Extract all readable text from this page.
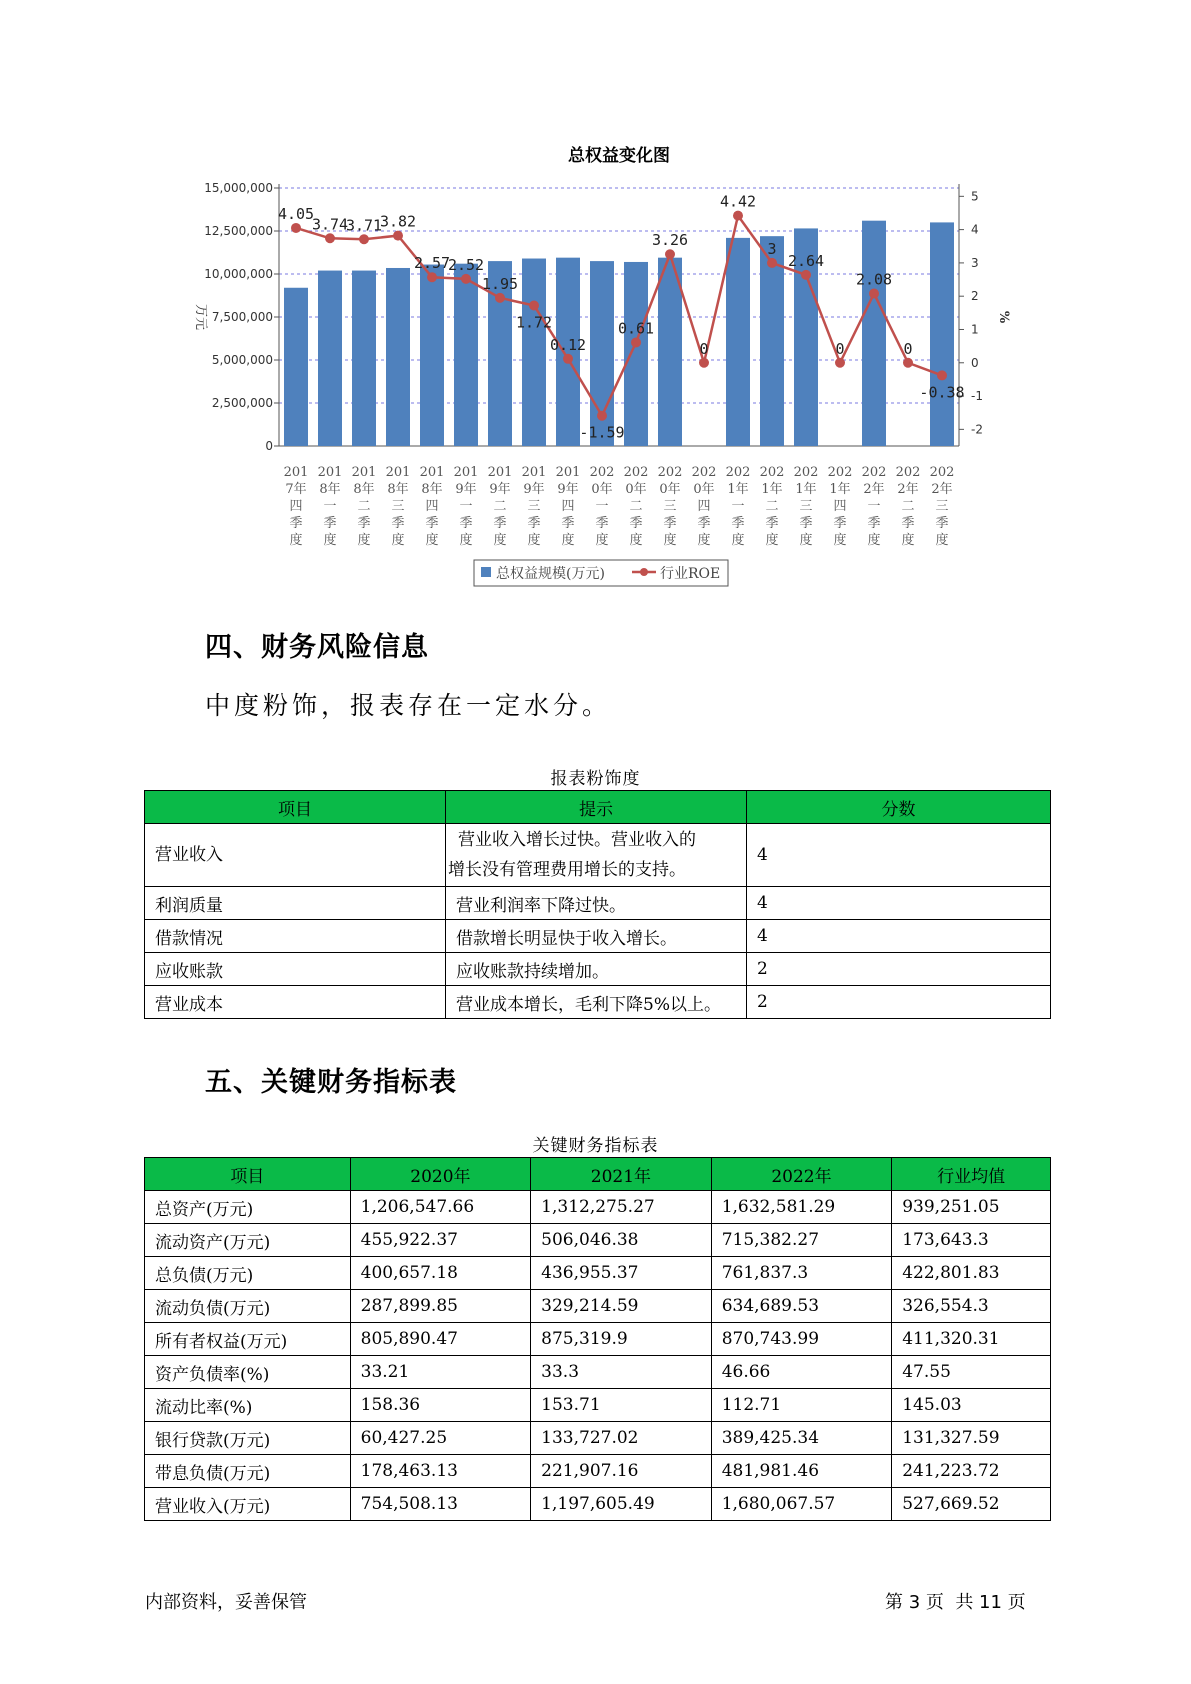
总权益变化图
15,000,000
12,500,000
10,000,000
7,500,000
5,000,000
2,500,000
0
5
4
3
2
1
0
-1
-2
万元	%
4.05
3.74
3.71
3.82
2.57
2.52
1.95
1.72
0.12
-1.59
0.61
3.26
0
4.42
3
2.64
0
2.08
0
-0.38
201
7年
四
季
度
201
8年
一
季
度
201
8年
二
季
度
201
8年
三
季
度
201
8年
四
季
度
201
9年
一
季
度
201
9年
二
季
度
201
9年
三
季
度
201
9年
四
季
度
202
0年
一
季
度
202
0年
二
季
度
202
0年
三
季
度
202
0年
四
季
度
202
1年
一
季
度
202
1年
二
季
度
202
1年
三
季
度
202
1年
四
季
度
202
2年
一
季
度
202
2年
二
季
度
202
2年
三
季
度
总权益规模(万元)	行业ROE
四、财务风险信息
中度粉饰，报表存在一定水分。
报表粉饰度
项目	提示	分数
营业收入	营业收入增长过快。营业收入的
增长没有管理费用增长的支持。	4
利润质量	营业利润率下降过快。	4
借款情况	借款增长明显快于收入增长。	4
应收账款	应收账款持续增加。	2
营业成本	营业成本增长，毛利下降5%以上。	2
五、关键财务指标表
关键财务指标表
项目	2020年	2021年	2022年	行业均值
总资产(万元)	1,206,547.66	1,312,275.27	1,632,581.29	939,251.05
流动资产(万元)	455,922.37	506,046.38	715,382.27	173,643.3
总负债(万元)	400,657.18	436,955.37	761,837.3	422,801.83
流动负债(万元)	287,899.85	329,214.59	634,689.53	326,554.3
所有者权益(万元)	805,890.47	875,319.9	870,743.99	411,320.31
资产负债率(%)	33.21	33.3	46.66	47.55
流动比率(%)	158.36	153.71	112.71	145.03
银行贷款(万元)	60,427.25	133,727.02	389,425.34	131,327.59
带息负债(万元)	178,463.13	221,907.16	481,981.46	241,223.72
营业收入(万元)	754,508.13	1,197,605.49	1,680,067.57	527,669.52
内部资料，妥善保管	第 3 页  共 11 页
